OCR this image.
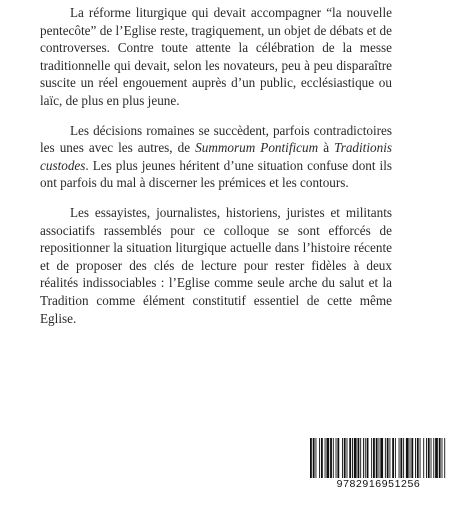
La réforme liturgique qui devait accompagner “la nouvelle pentecôte” de l’Eglise reste, tragiquement, un objet de débats et de controverses. Contre toute attente la célébration de la messe traditionnelle qui devait, selon les novateurs, peu à peu disparaître suscite un réel engouement auprès d’un public, ecclésiastique ou laïc, de plus en plus jeune.

Les décisions romaines se succèdent, parfois contradictoires les unes avec les autres, de Summorum Pontificum à Traditionis custodes. Les plus jeunes héritent d’une situation confuse dont ils ont parfois du mal à discerner les prémices et les contours.

Les essayistes, journalistes, historiens, juristes et militants associatifs rassemblés pour ce colloque se sont efforcés de repositionner la situation liturgique actuelle dans l’histoire récente et de proposer des clés de lecture pour rester fidèles à deux réalités indissociables : l’Eglise comme seule arche du salut et la Tradition comme élément constitutif essentiel de cette même Eglise.

9782916951256
